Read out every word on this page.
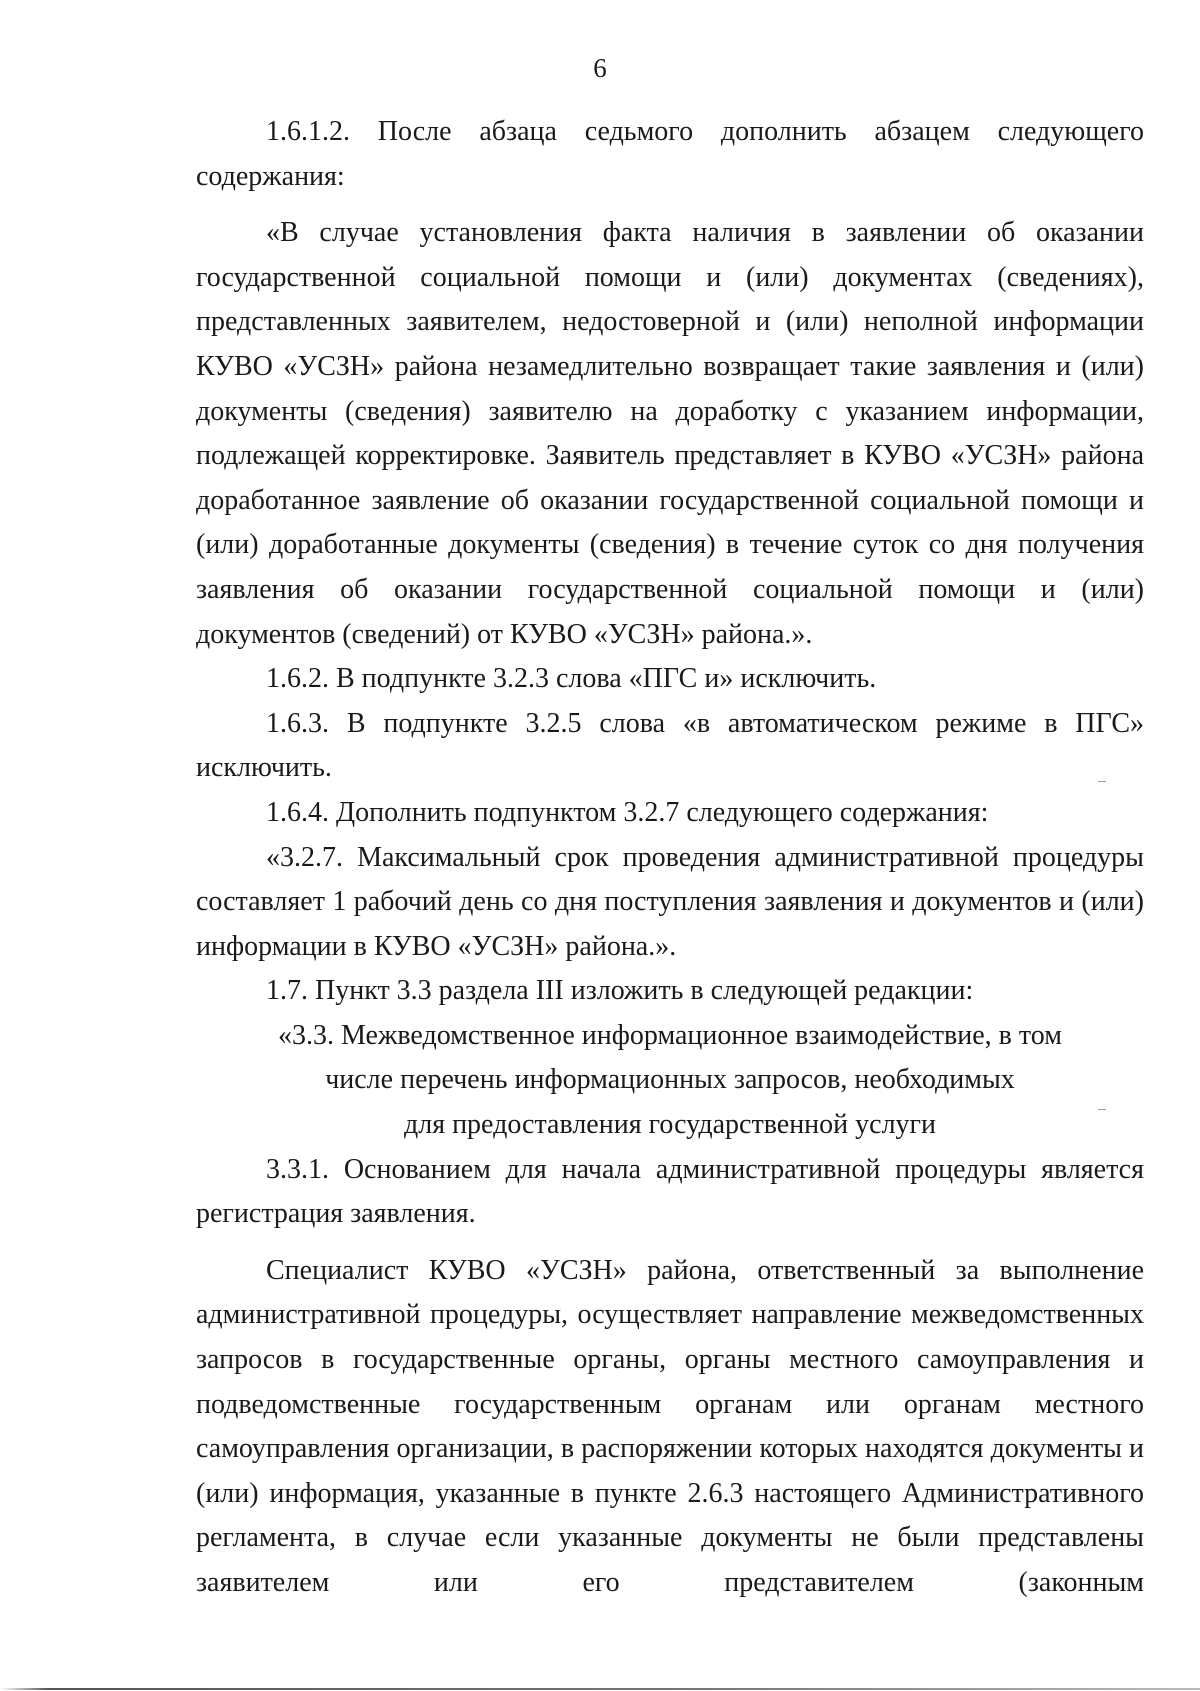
6

1.6.1.2. После абзаца седьмого дополнить абзацем следующего содержания:

«В случае установления факта наличия в заявлении об оказании государственной социальной помощи и (или) документах (сведениях), представленных заявителем, недостоверной и (или) неполной информации КУВО «УСЗН» района незамедлительно возвращает такие заявления и (или) документы (сведения) заявителю на доработку с указанием информации, подлежащей корректировке. Заявитель представляет в КУВО «УСЗН» района доработанное заявление об оказании государственной социальной помощи и (или) доработанные документы (сведения) в течение суток со дня получения заявления об оказании государственной социальной помощи и (или) документов (сведений) от КУВО «УСЗН» района.».

1.6.2. В подпункте 3.2.3 слова «ПГС и» исключить.

1.6.3. В подпункте 3.2.5 слова «в автоматическом режиме в ПГС» исключить.

1.6.4. Дополнить подпунктом 3.2.7 следующего содержания:

«3.2.7. Максимальный срок проведения административной процедуры составляет 1 рабочий день со дня поступления заявления и документов и (или) информации в КУВО «УСЗН» района.».

1.7. Пункт 3.3 раздела III изложить в следующей редакции:

«3.3. Межведомственное информационное взаимодействие, в том
числе перечень информационных запросов, необходимых
для предоставления государственной услуги

3.3.1. Основанием для начала административной процедуры является регистрация заявления.

Специалист КУВО «УСЗН» района, ответственный за выполнение административной процедуры, осуществляет направление межведомственных запросов в государственные органы, органы местного самоуправления и подведомственные государственным органам или органам местного самоуправления организации, в распоряжении которых находятся документы и (или) информация, указанные в пункте 2.6.3 настоящего Административного регламента, в случае если указанные документы не были представлены заявителем или его представителем (законным
